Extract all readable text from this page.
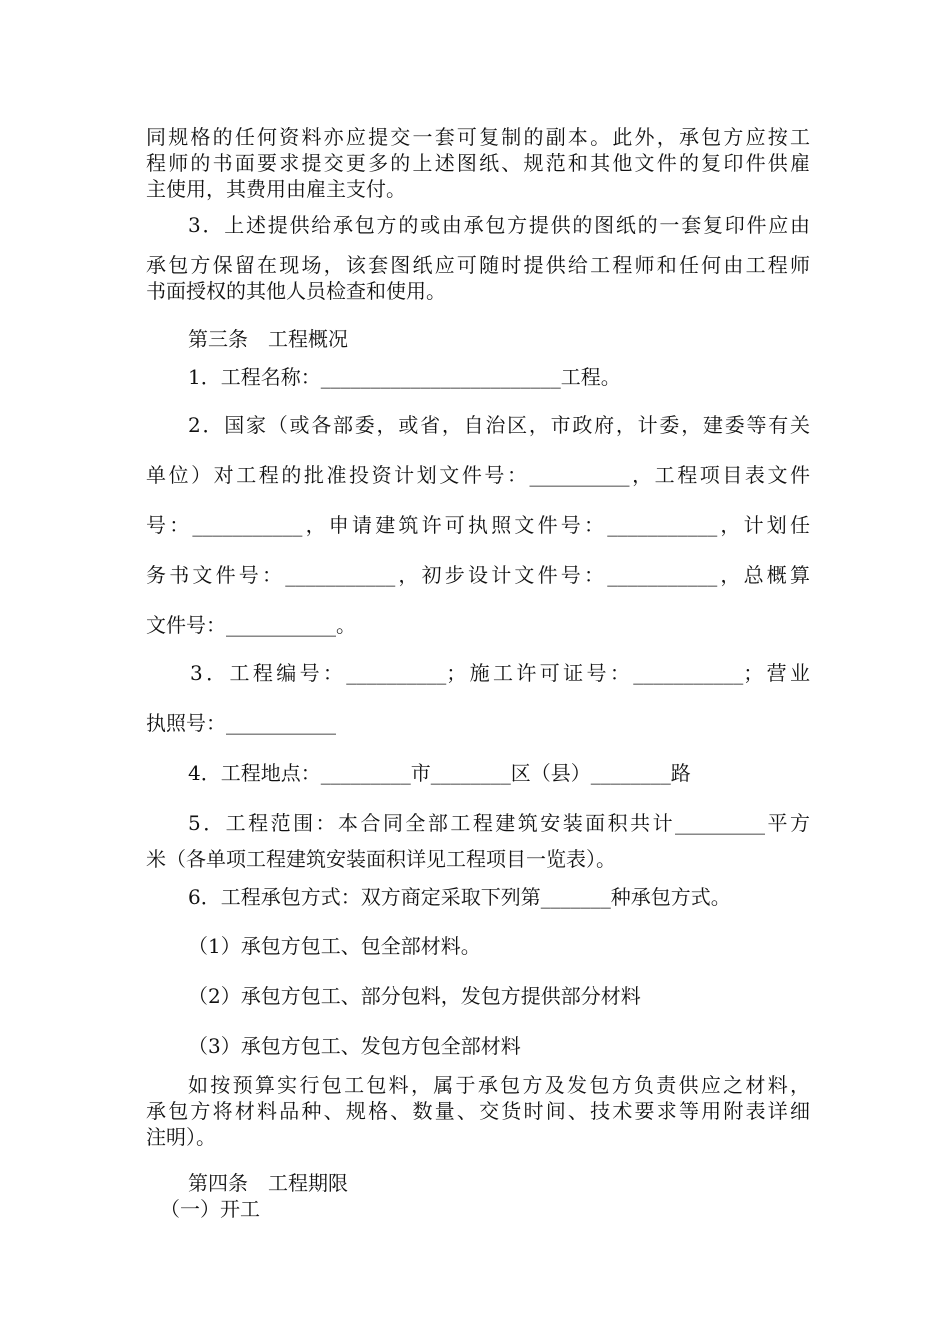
同规格的任何资料亦应提交一套可复制的副本。此外，承包方应按工
程师的书面要求提交更多的上述图纸、规范和其他文件的复印件供雇
主使用，其费用由雇主支付。
3．上述提供给承包方的或由承包方提供的图纸的一套复印件应由
承包方保留在现场，该套图纸应可随时提供给工程师和任何由工程师
书面授权的其他人员检查和使用。
第三条　工程概况
1．工程名称：________________________工程。
2．国家（或各部委，或省，自治区，市政府，计委，建委等有关
单位）对工程的批准投资计划文件号：__________，工程项目表文件
号：___________，申请建筑许可执照文件号：___________，计划任
务书文件号：___________，初步设计文件号：___________，总概算
文件号：___________。
3．工程编号：__________；施工许可证号：___________；营业
执照号：___________
4．工程地点：_________市________区（县）________路
5．工程范围：本合同全部工程建筑安装面积共计_________平方
米（各单项工程建筑安装面积详见工程项目一览表）。
6．工程承包方式：双方商定采取下列第_______种承包方式。
（1）承包方包工、包全部材料。
（2）承包方包工、部分包料，发包方提供部分材料
（3）承包方包工、发包方包全部材料
如按预算实行包工包料，属于承包方及发包方负责供应之材料，
承包方将材料品种、规格、数量、交货时间、技术要求等用附表详细
注明）。
第四条　工程期限
（一）开工
